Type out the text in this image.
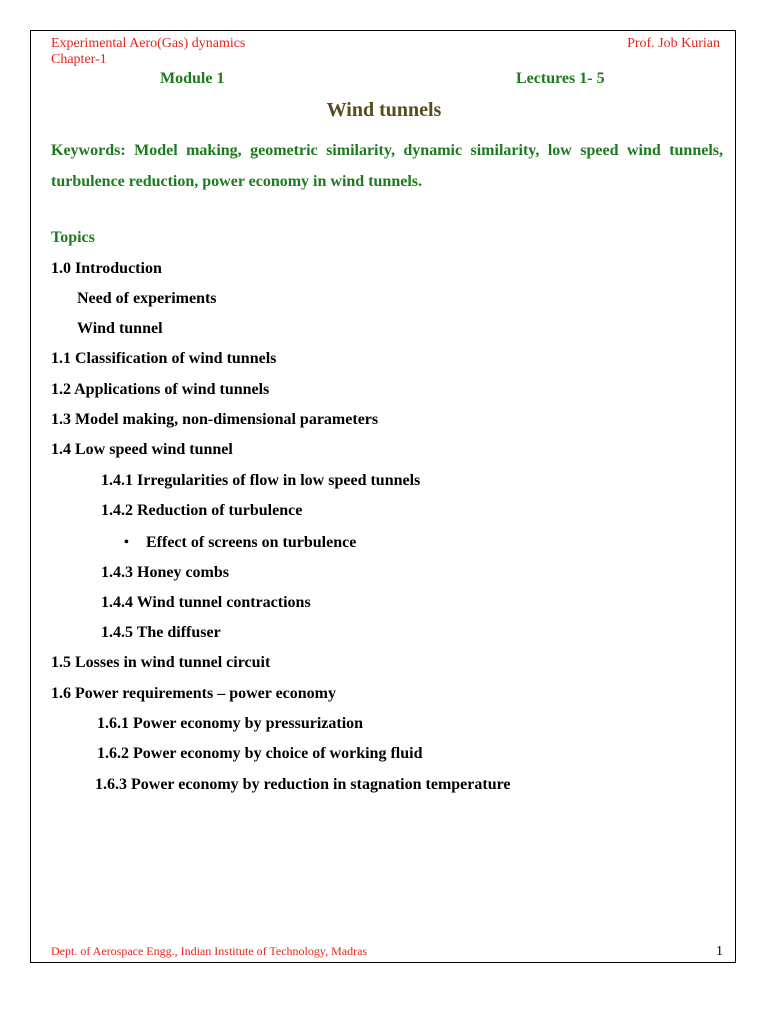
Experimental Aero(Gas) dynamics
Chapter-1
Prof. Job Kurian
Module 1	Lectures 1- 5
Wind tunnels
Keywords: Model making, geometric similarity, dynamic similarity, low speed wind tunnels, turbulence reduction, power economy in wind tunnels.
Topics
1.0 Introduction
Need of experiments
Wind tunnel
1.1 Classification of wind tunnels
1.2 Applications of wind tunnels
1.3 Model making, non-dimensional parameters
1.4 Low speed wind tunnel
1.4.1 Irregularities of flow in low speed tunnels
1.4.2 Reduction of turbulence
• Effect of screens on turbulence
1.4.3 Honey combs
1.4.4 Wind tunnel contractions
1.4.5 The diffuser
1.5 Losses in wind tunnel circuit
1.6 Power requirements – power economy
1.6.1 Power economy by pressurization
1.6.2 Power economy by choice of working fluid
1.6.3 Power economy by reduction in stagnation temperature
Dept. of Aerospace Engg., Indian Institute of Technology, Madras	1
